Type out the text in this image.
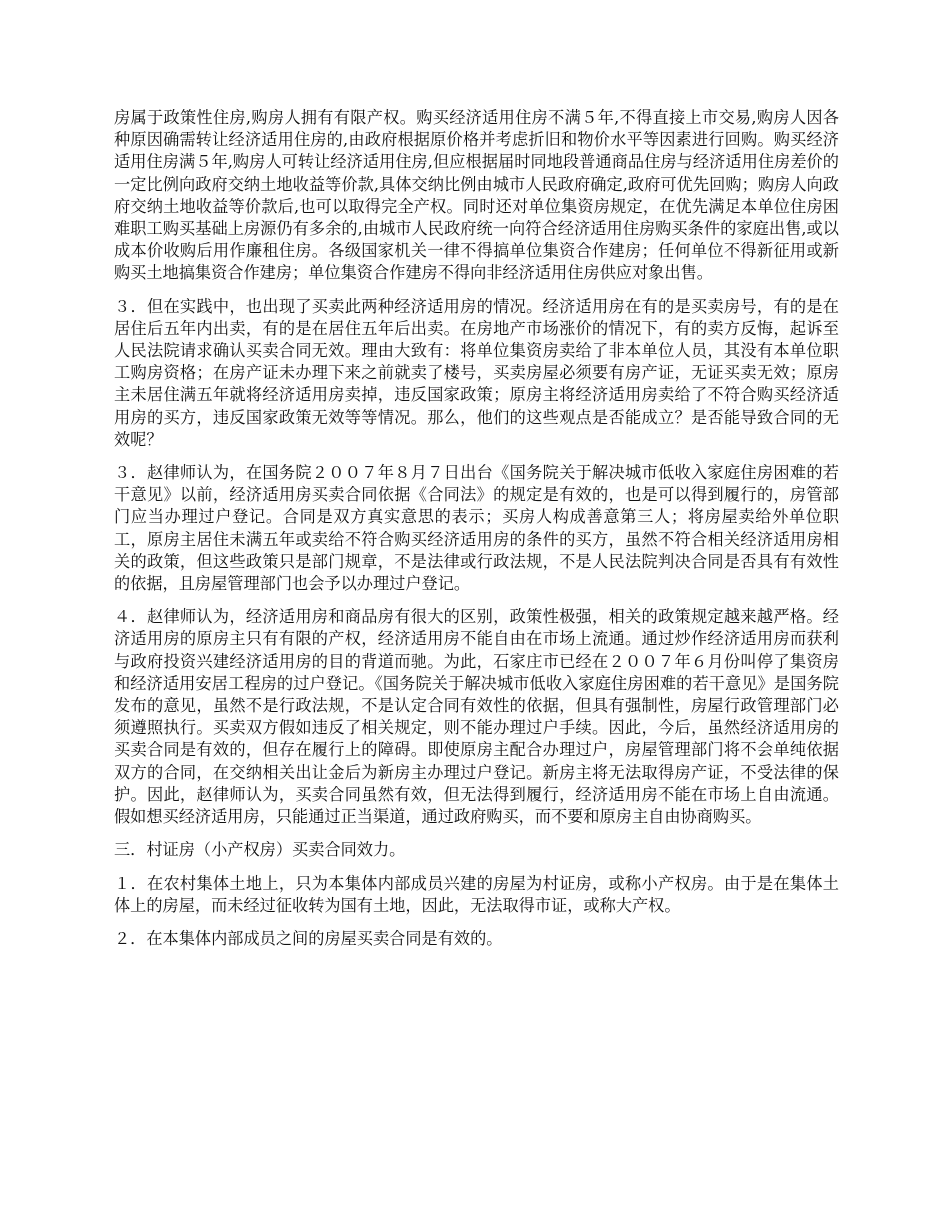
房属于政策性住房,购房人拥有有限产权。购买经济适用住房不满５年,不得直接上市交易,购房人因各种原因确需转让经济适用住房的,由政府根据原价格并考虑折旧和物价水平等因素进行回购。购买经济适用住房满５年,购房人可转让经济适用住房,但应根据届时同地段普通商品住房与经济适用住房差价的一定比例向政府交纳土地收益等价款,具体交纳比例由城市人民政府确定,政府可优先回购；购房人向政府交纳土地收益等价款后,也可以取得完全产权。同时还对单位集资房规定，在优先满足本单位住房困难职工购买基础上房源仍有多余的,由城市人民政府统一向符合经济适用住房购买条件的家庭出售,或以成本价收购后用作廉租住房。各级国家机关一律不得搞单位集资合作建房；任何单位不得新征用或新购买土地搞集资合作建房；单位集资合作建房不得向非经济适用住房供应对象出售。

３．但在实践中，也出现了买卖此两种经济适用房的情况。经济适用房在有的是买卖房号，有的是在居住后五年内出卖，有的是在居住五年后出卖。在房地产市场涨价的情况下，有的卖方反悔，起诉至人民法院请求确认买卖合同无效。理由大致有：将单位集资房卖给了非本单位人员，其没有本单位职工购房资格；在房产证未办理下来之前就卖了楼号，买卖房屋必须要有房产证，无证买卖无效；原房主未居住满五年就将经济适用房卖掉，违反国家政策；原房主将经济适用房卖给了不符合购买经济适用房的买方，违反国家政策无效等等情况。那么，他们的这些观点是否能成立？是否能导致合同的无效呢？

３．赵律师认为，在国务院２００７年８月７日出台《国务院关于解决城市低收入家庭住房困难的若干意见》以前，经济适用房买卖合同依据《合同法》的规定是有效的，也是可以得到履行的，房管部门应当办理过户登记。合同是双方真实意思的表示；买房人构成善意第三人；将房屋卖给外单位职工，原房主居住未满五年或卖给不符合购买经济适用房的条件的买方，虽然不符合相关经济适用房相关的政策，但这些政策只是部门规章，不是法律或行政法规，不是人民法院判决合同是否具有有效性的依据，且房屋管理部门也会予以办理过户登记。

４．赵律师认为，经济适用房和商品房有很大的区别，政策性极强，相关的政策规定越来越严格。经济适用房的原房主只有有限的产权，经济适用房不能自由在市场上流通。通过炒作经济适用房而获利与政府投资兴建经济适用房的目的背道而驰。为此，石家庄市已经在２００７年６月份叫停了集资房和经济适用安居工程房的过户登记。《国务院关于解决城市低收入家庭住房困难的若干意见》是国务院发布的意见，虽然不是行政法规，不是认定合同有效性的依据，但具有强制性，房屋行政管理部门必须遵照执行。买卖双方假如违反了相关规定，则不能办理过户手续。因此，今后，虽然经济适用房的买卖合同是有效的，但存在履行上的障碍。即使原房主配合办理过户，房屋管理部门将不会单纯依据双方的合同，在交纳相关出让金后为新房主办理过户登记。新房主将无法取得房产证，不受法律的保护。因此，赵律师认为，买卖合同虽然有效，但无法得到履行，经济适用房不能在市场上自由流通。假如想买经济适用房，只能通过正当渠道，通过政府购买，而不要和原房主自由协商购买。

三．村证房（小产权房）买卖合同效力。

１．在农村集体土地上，只为本集体内部成员兴建的房屋为村证房，或称小产权房。由于是在集体土体上的房屋，而未经过征收转为国有土地，因此，无法取得市证，或称大产权。

２．在本集体内部成员之间的房屋买卖合同是有效的。
